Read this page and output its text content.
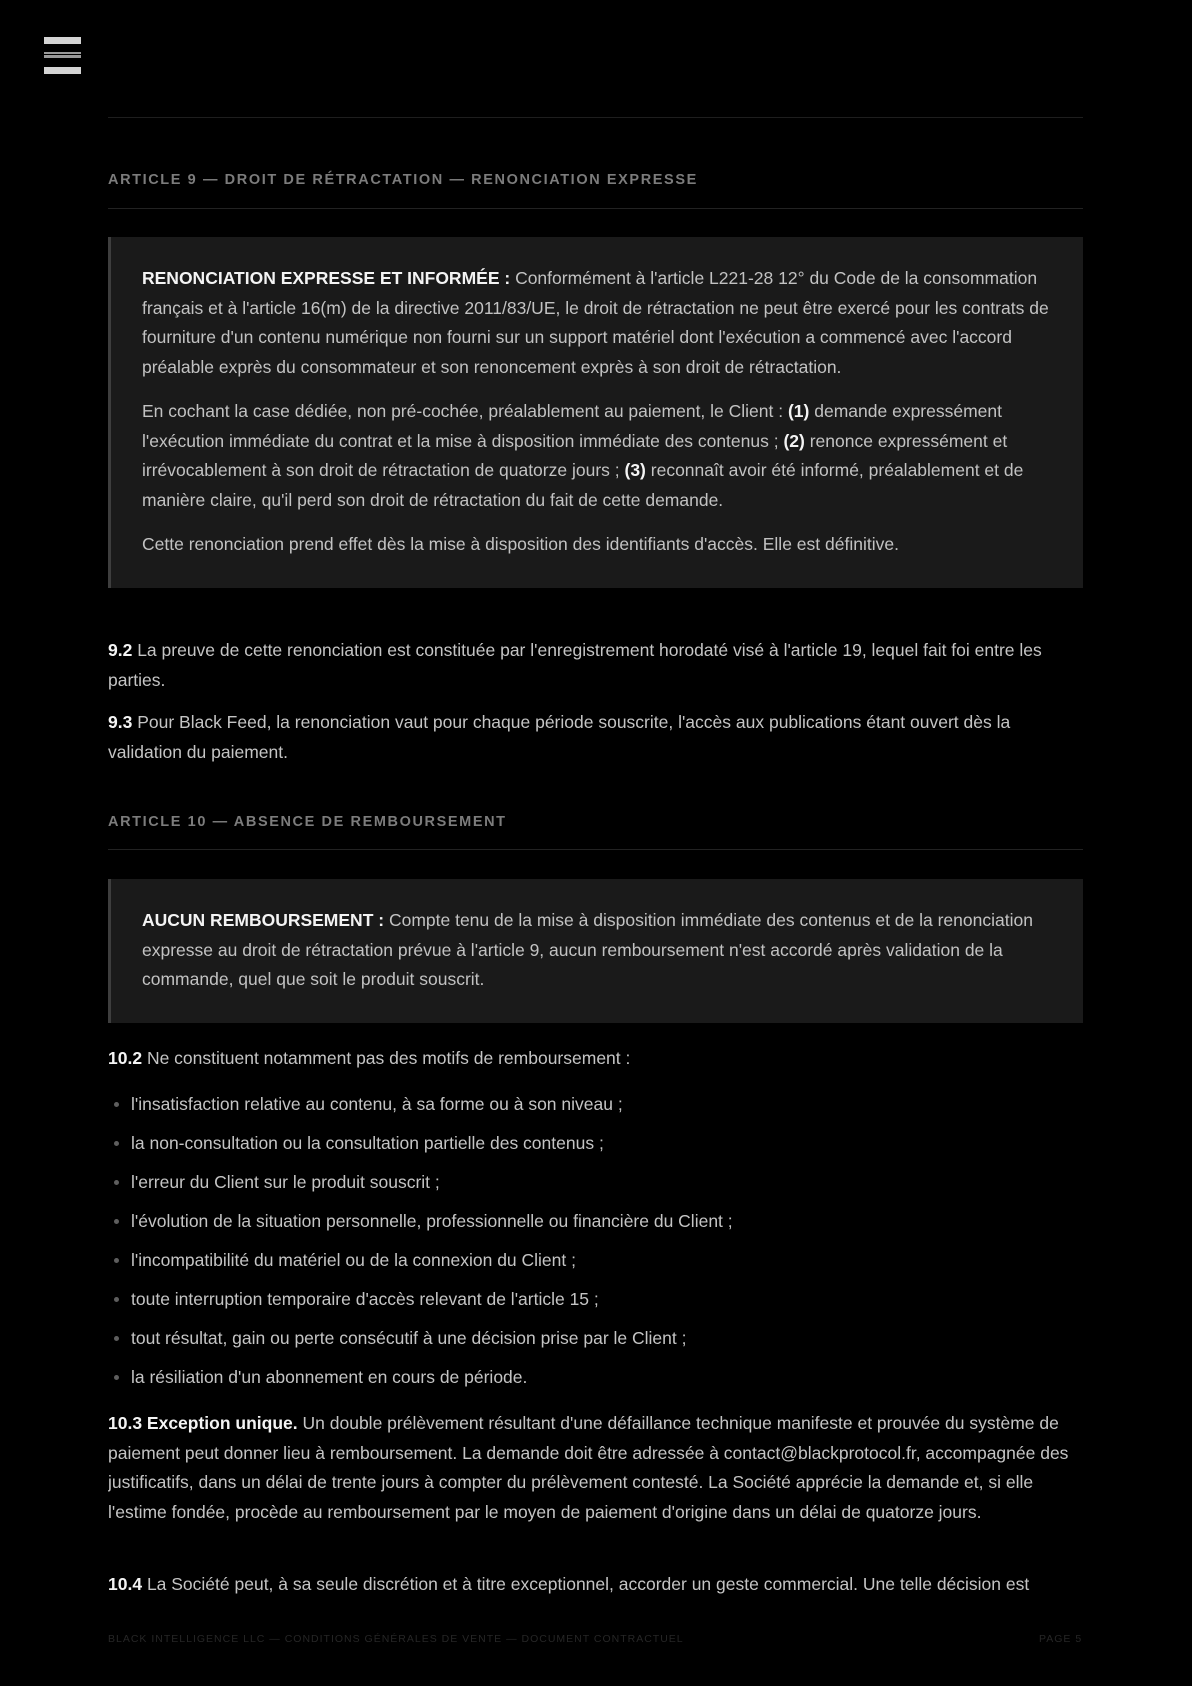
ARTICLE 9 — DROIT DE RÉTRACTATION — RENONCIATION EXPRESSE

RENONCIATION EXPRESSE ET INFORMÉE : Conformément à l'article L221-28 12° du Code de la consommation français et à l'article 16(m) de la directive 2011/83/UE, le droit de rétractation ne peut être exercé pour les contrats de fourniture d'un contenu numérique non fourni sur un support matériel dont l'exécution a commencé avec l'accord préalable exprès du consommateur et son renoncement exprès à son droit de rétractation.

En cochant la case dédiée, non pré-cochée, préalablement au paiement, le Client : (1) demande expressément l'exécution immédiate du contrat et la mise à disposition immédiate des contenus ; (2) renonce expressément et irrévocablement à son droit de rétractation de quatorze jours ; (3) reconnaît avoir été informé, préalablement et de manière claire, qu'il perd son droit de rétractation du fait de cette demande.

Cette renonciation prend effet dès la mise à disposition des identifiants d'accès. Elle est définitive.

9.2 La preuve de cette renonciation est constituée par l'enregistrement horodaté visé à l'article 19, lequel fait foi entre les parties.

9.3 Pour Black Feed, la renonciation vaut pour chaque période souscrite, l'accès aux publications étant ouvert dès la validation du paiement.

ARTICLE 10 — ABSENCE DE REMBOURSEMENT

AUCUN REMBOURSEMENT : Compte tenu de la mise à disposition immédiate des contenus et de la renonciation expresse au droit de rétractation prévue à l'article 9, aucun remboursement n'est accordé après validation de la commande, quel que soit le produit souscrit.

10.2 Ne constituent notamment pas des motifs de remboursement :

l'insatisfaction relative au contenu, à sa forme ou à son niveau ;
la non-consultation ou la consultation partielle des contenus ;
l'erreur du Client sur le produit souscrit ;
l'évolution de la situation personnelle, professionnelle ou financière du Client ;
l'incompatibilité du matériel ou de la connexion du Client ;
toute interruption temporaire d'accès relevant de l'article 15 ;
tout résultat, gain ou perte consécutif à une décision prise par le Client ;
la résiliation d'un abonnement en cours de période.

10.3 Exception unique. Un double prélèvement résultant d'une défaillance technique manifeste et prouvée du système de paiement peut donner lieu à remboursement. La demande doit être adressée à contact@blackprotocol.fr, accompagnée des justificatifs, dans un délai de trente jours à compter du prélèvement contesté. La Société apprécie la demande et, si elle l'estime fondée, procède au remboursement par le moyen de paiement d'origine dans un délai de quatorze jours.

10.4 La Société peut, à sa seule discrétion et à titre exceptionnel, accorder un geste commercial. Une telle décision est

BLACK INTELLIGENCE LLC — CONDITIONS GÉNÉRALES DE VENTE — DOCUMENT CONTRACTUEL	PAGE 5
